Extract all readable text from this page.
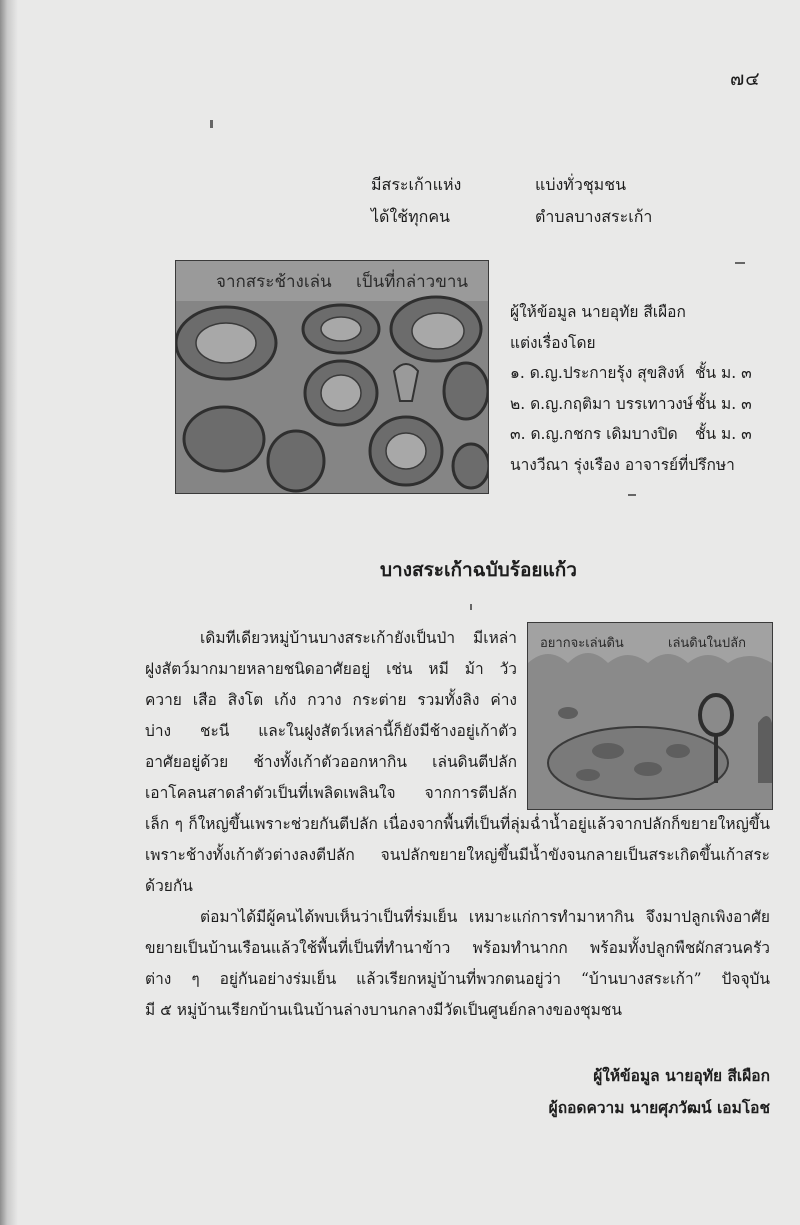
๗๔
มีสระเก้าแห่ง	แบ่งทั่วชุมชน
ได้ใช้ทุกคน	ตำบลบางสระเก้า
จากสระช้างเล่น เป็นที่กล่าวขาน
ผู้ให้ข้อมูล นายอุทัย สีเผือก
แต่งเรื่องโดย
๑. ด.ญ.ประกายรุ้ง สุขสิงห์ ชั้น ม. ๓
๒. ด.ญ.กฤติมา บรรเทาวงษ์ ชั้น ม. ๓
๓. ด.ญ.กชกร เดิมบางปิด ชั้น ม. ๓
นางวีณา รุ่งเรือง อาจารย์ที่ปรึกษา
บางสระเก้าฉบับร้อยแก้ว
เดิมทีเดียวหมู่บ้านบางสระเก้ายังเป็นป่า มีเหล่า
ฝูงสัตว์มากมายหลายชนิดอาศัยอยู่ เช่น หมี ม้า วัว
ควาย เสือ สิงโต เก้ง กวาง กระต่าย รวมทั้งลิง ค่าง
บ่าง ชะนี และในฝูงสัตว์เหล่านี้ก็ยังมีช้างอยู่เก้าตัว
อาศัยอยู่ด้วย ช้างทั้งเก้าตัวออกหากิน เล่นดินตีปลัก
เอาโคลนสาดลำตัวเป็นที่เพลิดเพลินใจ จากการตีปลัก
อยากจะเล่นดิน	เล่นดินในปลัก
เล็ก ๆ ก็ใหญ่ขึ้นเพราะช่วยกันตีปลัก เนื่องจากพื้นที่เป็นที่ลุ่มฉ่ำน้ำอยู่แล้วจากปลักก็ขยายใหญ่ขึ้น
เพราะช้างทั้งเก้าตัวต่างลงตีปลัก จนปลักขยายใหญ่ขึ้นมีน้ำขังจนกลายเป็นสระเกิดขึ้นเก้าสระ
ด้วยกัน
ต่อมาได้มีผู้คนได้พบเห็นว่าเป็นที่ร่มเย็น เหมาะแก่การทำมาหากิน จึงมาปลูกเพิงอาศัย
ขยายเป็นบ้านเรือนแล้วใช้พื้นที่เป็นที่ทำนาข้าว พร้อมทำนากก พร้อมทั้งปลูกพืชผักสวนครัว
ต่าง ๆ อยู่กันอย่างร่มเย็น แล้วเรียกหมู่บ้านที่พวกตนอยู่ว่า “บ้านบางสระเก้า” ปัจจุบัน
มี ๕ หมู่บ้านเรียกบ้านเนินบ้านล่างบานกลางมีวัดเป็นศูนย์กลางของชุมชน
ผู้ให้ข้อมูล นายอุทัย สีเผือก
ผู้ถอดความ นายศุภวัฒน์ เอมโอช
